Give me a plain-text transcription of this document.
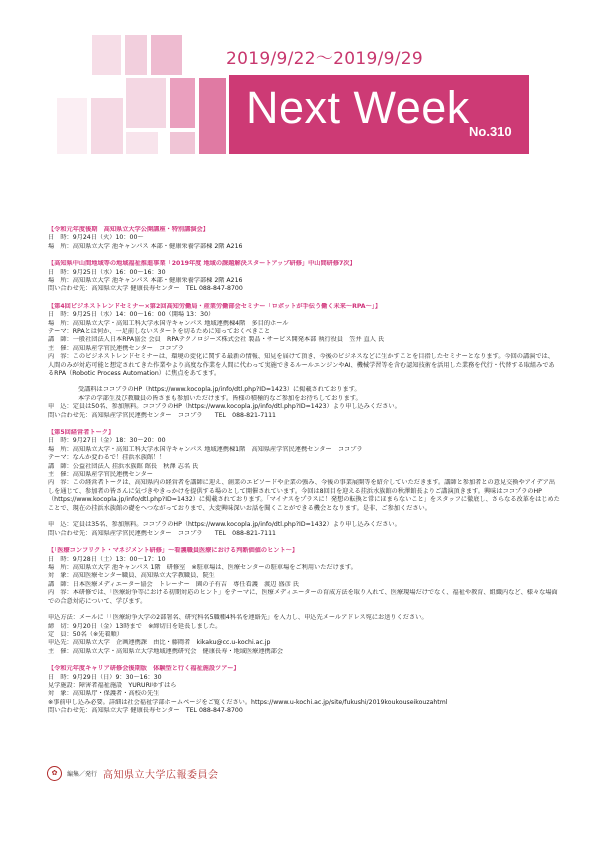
2019/9/22～2019/9/29
Next Week No.310
【令和元年度後期　高知県立大学公開講座・特別講演会】
日　時：9月24日（火）10：00～
場　所：高知県立大学 池キャンパス 本部・健康栄養学部棟 2階 A216
【高知県中山間地域等の地域福祉推進事業「2019年度 地域の課題解決スタートアップ研修」中山間研修7次】
日　時：9月25日（水）16：00～16：30
場　所：高知県立大学 池キャンパス 本部・健康栄養学部棟 2階 A216
問い合わせ先：高知県立大学 健康長寿センター　TEL 088-847-8700
【第4回ビジネストレンドセミナー×第2回高知労働局・産業労働部会セミナー「ロボットが手伝う働く未来～RPA～」】
日　時：9月25日（水）14：00～16：00（開場 13：30）
場　所：高知県立大学・高知工科大学永国寺キャンパス 地域連携棟4階　多目的ホール
テーマ：RPAとは何か、一足前しないスタートを切るために知っておくべきこと
講　師：一般社団法人日本RPA協会 会員　RPAテクノロジーズ株式会社 製品・サービス開発本部 執行役員　笠井 直人 氏
主　催：高知県産学官民連携センター　ココプラ
内　容：このビジネストレンドセミナーは、環境の変化に関する最新の情報、知見を届けて頂き、今後のビジネスなどに生かすことを目指したセミナーとなります。今回の講演では、人間のみが対応可能と想定されてきた作業やより高度な作業を人間に代わって実施できるルールエンジンやAI、機械学習等を含む認知技術を活用した業務を代行・代替する取組みであるRPA（Robotic Process Automation）に焦点をあてます。
受講料はココプラのHP（https://www.kocopla.jp/info/dtl.php?ID=1423）に掲載されております。
本学の学部生及び教職員の皆さまも参加いただけます。皆様の積極的なご参加をお待ちしております。
申　込：定員は50名、参加無料。ココプラのHP（https://www.kocopla.jp/info/dtl.php?ID=1423）より申し込みください。
問い合わせ先：高知県産学官民連携センター　ココプラ　　TEL　088-821-7111
【第5回経営者トーク】
日　時：9月27日（金）18：30～20：00
場　所：高知県立大学・高知工科大学永国寺キャンパス 地域連携棟1階　高知県産学官民連携センター　ココプラ
テーマ：なんか変わるで！挂浜水族館！！
講　師：公益社団法人 挂浜水族館 館長　秋澤 志名 氏
主　催：高知県産学官民連携センター
内　容：この経営者トークは、高知県内の経営者を講師に迎え、創業のエピソードや企業の強み、今後の事業展開等を紹介していただきます。講師と参加者との意見交換やアイデア出しを通じて、参加者の皆さんに気づきやきっかけを提供する場のとして開催されています。今回は8回目を迎える挂浜水族館の秋澤館長よりご講演頂きます。興味はココプラのHP（https://www.kocopla.jp/info/dtl.php?ID=1432）に掲載されております。「マイナスをプラスに！発想の転換と常にほまらないこと」をスタッフに徹底し、さらなる改革をはじめたことで、現在の挂浜水族館の礎をへつながっておりまで、大変興味深いお話を聞くことができる機会となります。是非、ご参加ください。
申　込：定員は35名、参加無料。ココプラのHP（https://www.kocopla.jp/info/dtl.php?ID=1432）より申し込みください。
問い合わせ先：高知県産学官民連携センター　ココプラ　　TEL　088-821-7111
【「医療コンフリクト・マネジメント研修」～看護職員医療における判断価値のヒント～】
日　時：9月28日（土）13：00～17：10
場　所：高知県立大学 池キャンパス 1階　研修室　※駐車場は、医療センターの駐車場をご利用いただけます。
対　象：高知医療センター職員、高知県立大学教職員、院生
講　師：日本医療メディエーター協会　トレーナー　園の子有吉　専任看護　渡辺 盛彦 氏
内　容：本研修では、「医療紛争等における初期対応のヒント」をテーマに、医療メディエーターの育成方法を取り入れて、医療現場だけでなく、福祉や教育、組織内など、様々な場面での合意対応について、学びます。
申込方法：メールに「「医療紛争大学の2部署名、研究科名5職種4科名を連絡先」を入力し、申込先メールアドレス宛にお送りください。
締　切：9月20日（金）13時まで　※締切日を延長しました。
定　員：50名（※先着順）
申込先：高知県立大学　企画連携課　由比・藤岡者　kikaku@cc.u-kochi.ac.jp
主　催：高知県立大学・高知県立大学地域連携研究会　健康長寿・地域医療連携部会
【令和元年度キャリア研修会後期版　体験型と行く福祉施設ツアー】
日　時：9月29日（日）9：30～16：30
見学施設：障害者福祉施設　YURURIゆすはら
対　象：高知県庁・保護者・高校の先生
※事前申し込み必要。詳細は社会福祉学部ホームページをご覧ください。https://www.u-kochi.ac.jp/site/fukushi/2019koukouseikouzahtml
問い合わせ先：高知県立大学 健康長寿センター　TEL 088-847-8700
✿	編集／発行 高知県立大学広報委員会
